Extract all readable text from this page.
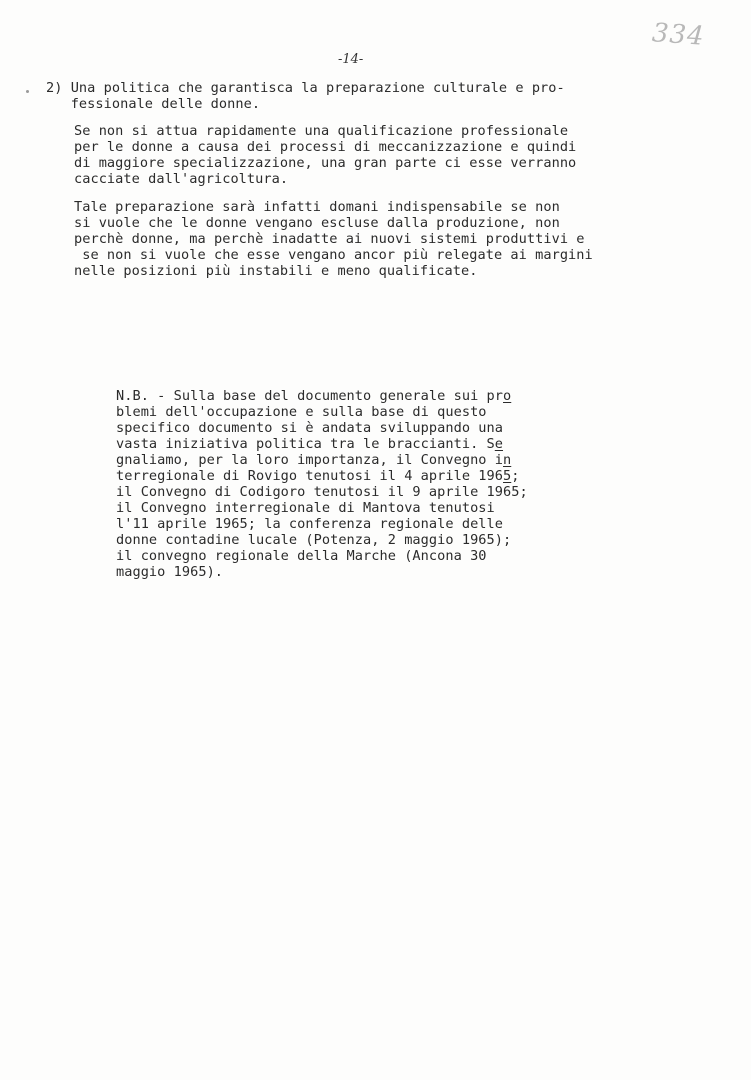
334
-14-
2) Una politica che garantisca la preparazione culturale e pro-
fessionale delle donne.
Se non si attua rapidamente una qualificazione professionale
per le donne a causa dei processi di meccanizzazione e quindi
di maggiore specializzazione, una gran parte ci esse verranno
cacciate dall'agricoltura.
Tale preparazione sarà infatti domani indispensabile se non
si vuole che le donne vengano escluse dalla produzione, non
perchè donne, ma perchè inadatte ai nuovi sistemi produttivi e
se non si vuole che esse vengano ancor più relegate ai margini
nelle posizioni più instabili e meno qualificate.
N.B. - Sulla base del documento generale sui pro
blemi dell'occupazione e sulla base di questo
specifico documento si è andata sviluppando una
vasta iniziativa politica tra le braccianti. Se
gnaliamo, per la loro importanza, il Convegno in
terregionale di Rovigo tenutosi il 4 aprile 1965;
il Convegno di Codigoro tenutosi il 9 aprile 1965;
il Convegno interregionale di Mantova tenutosi
l'11 aprile 1965; la conferenza regionale delle
donne contadine lucale (Potenza, 2 maggio 1965);
il convegno regionale della Marche (Ancona 30
maggio 1965).
